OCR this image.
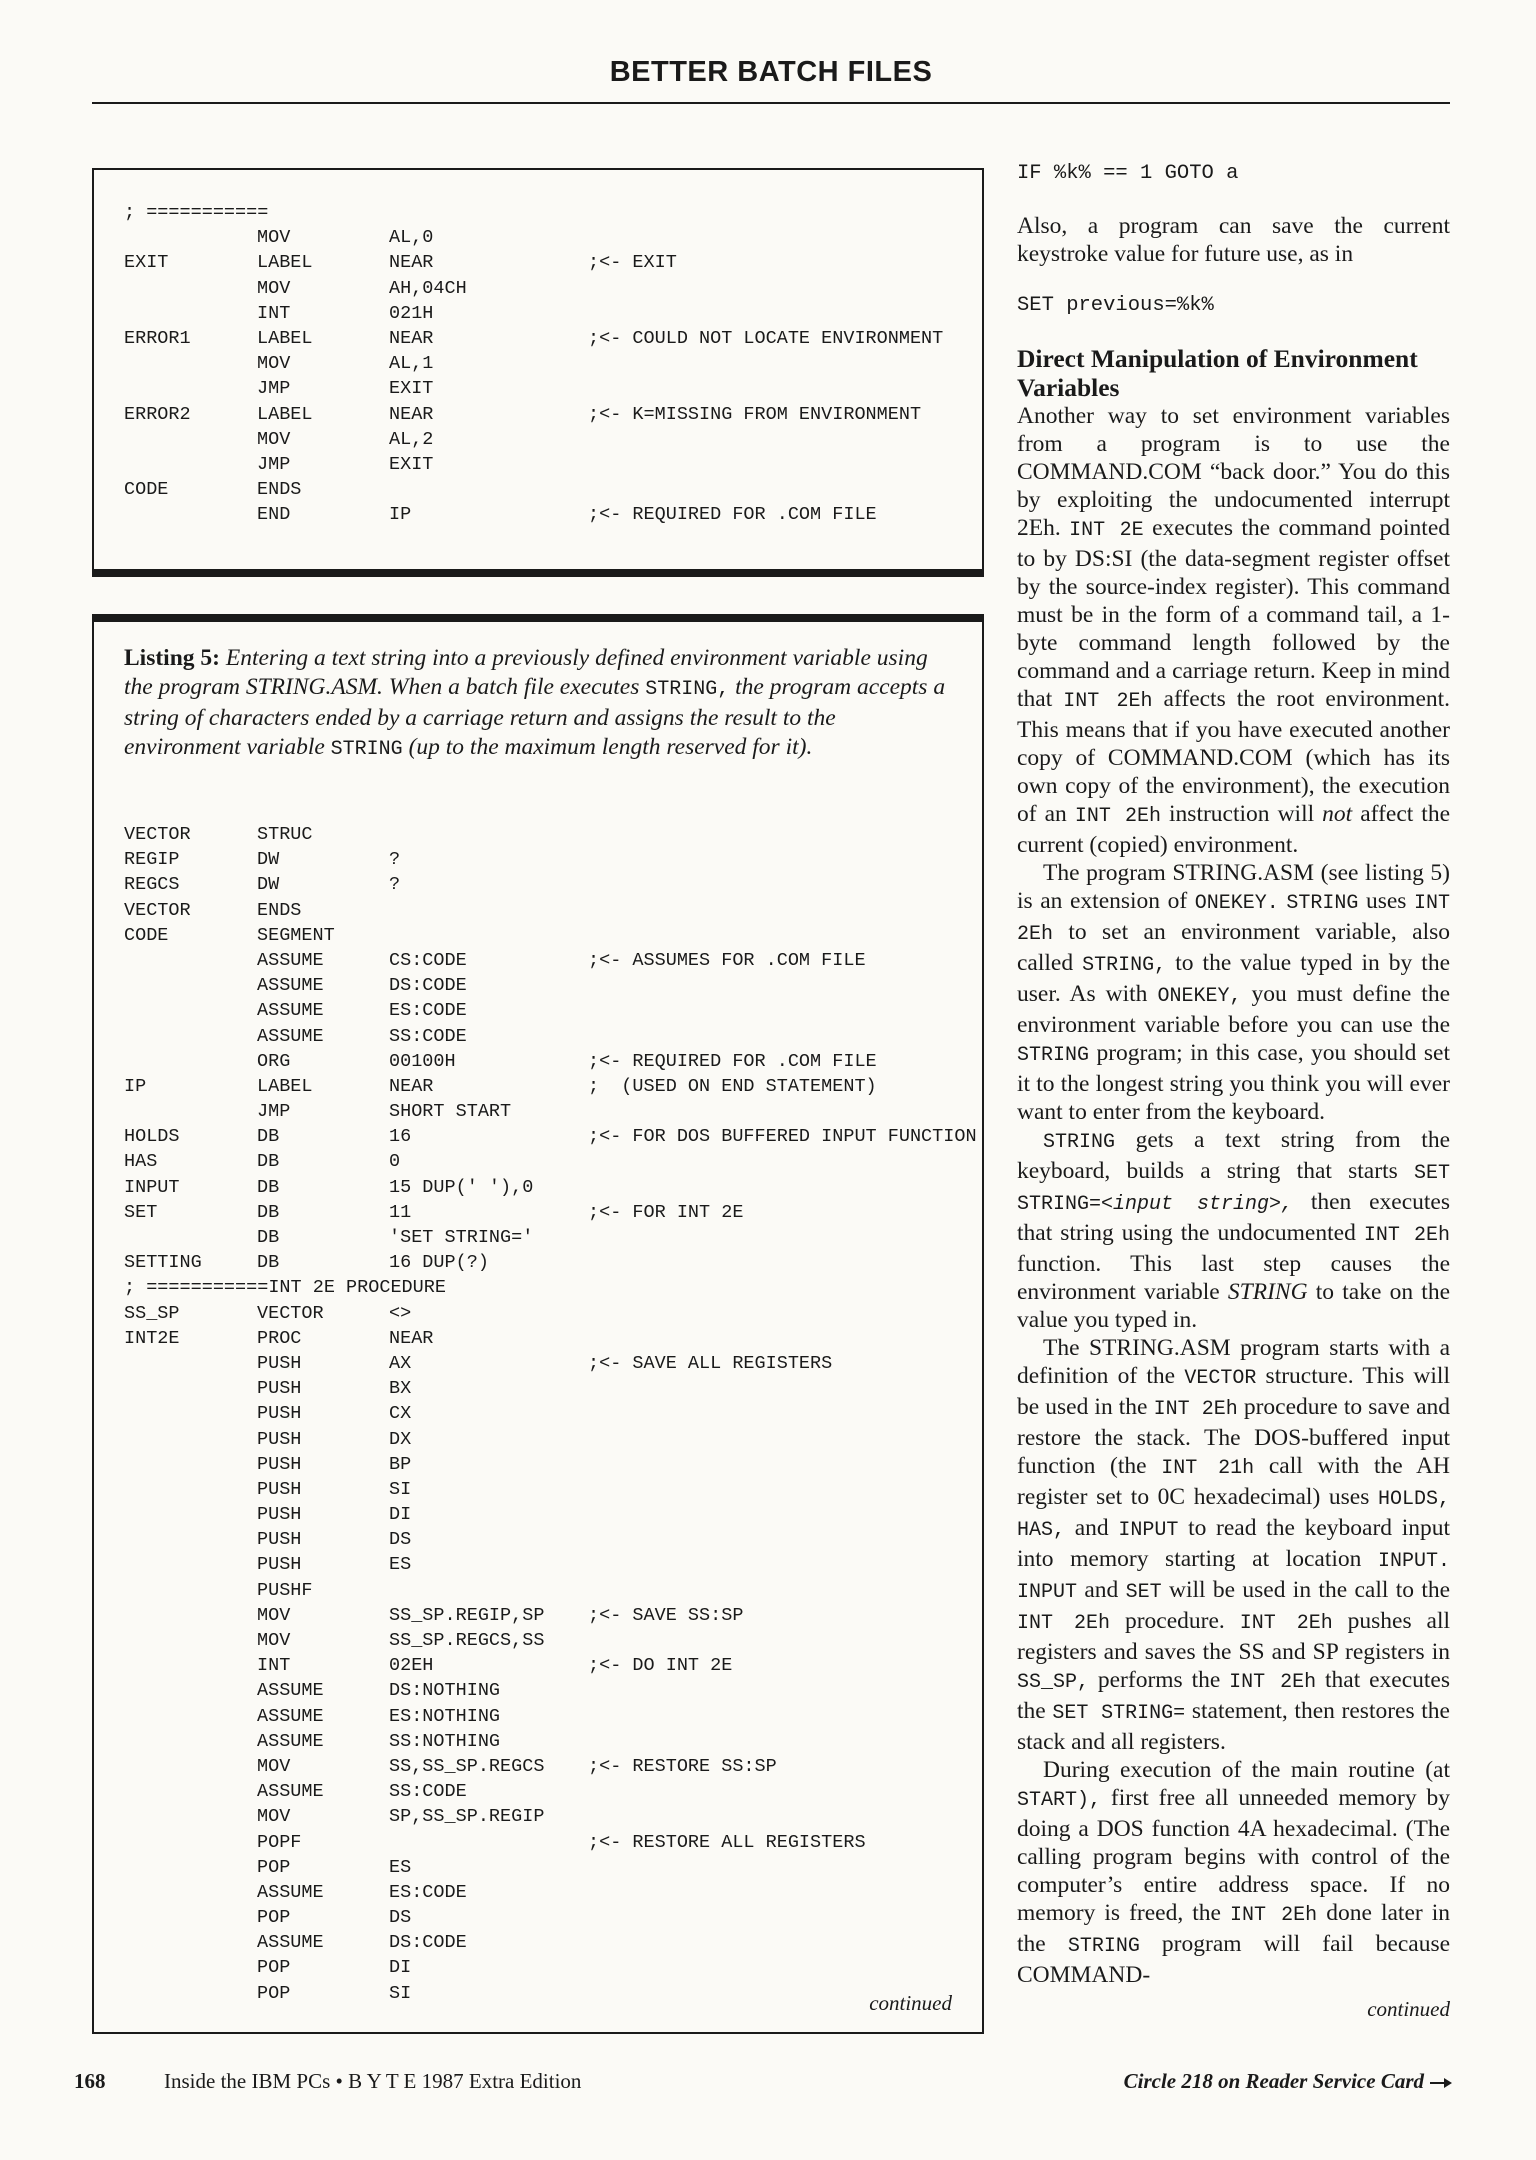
BETTER BATCH FILES
; ===========
MOV	AL,0
EXIT	LABEL	NEAR	;<- EXIT
MOV	AH,04CH
INT	021H
ERROR1	LABEL	NEAR	;<- COULD NOT LOCATE ENVIRONMENT
MOV	AL,1
JMP	EXIT
ERROR2	LABEL	NEAR	;<- K=MISSING FROM ENVIRONMENT
MOV	AL,2
JMP	EXIT
CODE	ENDS
END	IP	;<- REQUIRED FOR .COM FILE
Listing 5: Entering a text string into a previously defined environment variable using the program STRING.ASM. When a batch file executes STRING, the program accepts a string of characters ended by a carriage return and assigns the result to the environment variable STRING (up to the maximum length reserved for it).
VECTOR	STRUC
REGIP	DW	?
REGCS	DW	?
VECTOR	ENDS
CODE	SEGMENT
ASSUME	CS:CODE	;<- ASSUMES FOR .COM FILE
ASSUME	DS:CODE
ASSUME	ES:CODE
ASSUME	SS:CODE
ORG	00100H	;<- REQUIRED FOR .COM FILE
IP	LABEL	NEAR	;  (USED ON END STATEMENT)
JMP	SHORT START
HOLDS	DB	16	;<- FOR DOS BUFFERED INPUT FUNCTION
HAS	DB	0
INPUT	DB	15 DUP(' '),0
SET	DB	11	;<- FOR INT 2E
DB	'SET STRING='
SETTING	DB	16 DUP(?)
; ===========INT 2E PROCEDURE
SS_SP	VECTOR	<>
INT2E	PROC	NEAR
PUSH	AX	;<- SAVE ALL REGISTERS
PUSH	BX
PUSH	CX
PUSH	DX
PUSH	BP
PUSH	SI
PUSH	DI
PUSH	DS
PUSH	ES
PUSHF
MOV	SS_SP.REGIP,SP ;<- SAVE SS:SP
MOV	SS_SP.REGCS,SS
INT	02EH	;<- DO INT 2E
ASSUME	DS:NOTHING
ASSUME	ES:NOTHING
ASSUME	SS:NOTHING
MOV	SS,SS_SP.REGCS ;<- RESTORE SS:SP
ASSUME	SS:CODE
MOV	SP,SS_SP.REGIP
POPF	;<- RESTORE ALL REGISTERS
POP	ES
ASSUME	ES:CODE
POP	DS
ASSUME	DS:CODE
POP	DI
POP	SI	continued
IF %k% == 1 GOTO a

Also, a program can save the current keystroke value for future use, as in

SET previous=%k%
Direct Manipulation of Environment Variables

Another way to set environment variables from a program is to use the COMMAND.COM “back door.” You do this by exploiting the undocumented interrupt 2Eh. INT 2E executes the command pointed to by DS:SI (the data-segment register offset by the source-index register). This command must be in the form of a command tail, a 1-byte command length followed by the command and a carriage return. Keep in mind that INT 2Eh affects the root environment. This means that if you have executed another copy of COMMAND.COM (which has its own copy of the environment), the execution of an INT 2Eh instruction will not affect the current (copied) environment.

The program STRING.ASM (see listing 5) is an extension of ONEKEY. STRING uses INT 2Eh to set an environment variable, also called STRING, to the value typed in by the user. As with ONEKEY, you must define the environment variable before you can use the STRING program; in this case, you should set it to the longest string you think you will ever want to enter from the keyboard.

STRING gets a text string from the keyboard, builds a string that starts SET STRING=<input string>, then executes that string using the undocumented INT 2Eh function. This last step causes the environment variable STRING to take on the value you typed in.

The STRING.ASM program starts with a definition of the VECTOR structure. This will be used in the INT 2Eh procedure to save and restore the stack. The DOS-buffered input function (the INT 21h call with the AH register set to 0C hexadecimal) uses HOLDS, HAS, and INPUT to read the keyboard input into memory starting at location INPUT. INPUT and SET will be used in the call to the INT 2Eh procedure. INT 2Eh pushes all registers and saves the SS and SP registers in SS_SP, performs the INT 2Eh that executes the SET STRING= statement, then restores the stack and all registers.

During execution of the main routine (at START), first free all unneeded memory by doing a DOS function 4A hexadecimal. (The calling program begins with control of the computer’s entire address space. If no memory is freed, the INT 2Eh done later in the STRING program will fail because COMMAND-

continued
168	Inside the IBM PCs • B Y T E 1987 Extra Edition	Circle 218 on Reader Service Card
